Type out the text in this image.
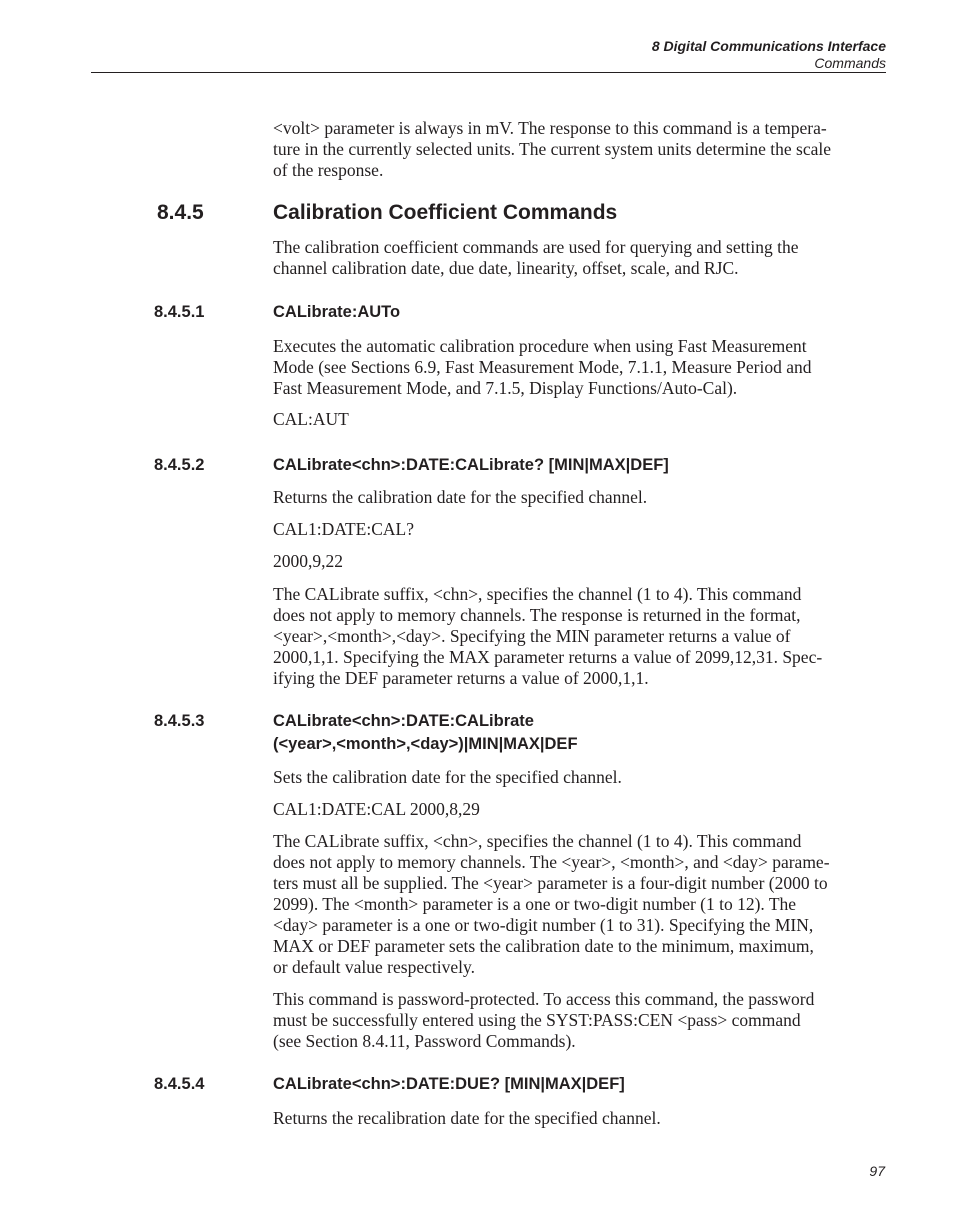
8 Digital Communications Interface
Commands

<volt> parameter is always in mV. The response to this command is a tempera-

ture in the currently selected units. The current system units determine the scale

of the response.

8.4.5	Calibration Coefficient Commands

The calibration coefficient commands are used for querying and setting the

channel calibration date, due date, linearity, offset, scale, and RJC.

8.4.5.1	CALibrate:AUTo

Executes the automatic calibration procedure when using Fast Measurement

Mode (see Sections 6.9, Fast Measurement Mode, 7.1.1, Measure Period and

Fast Measurement Mode, and 7.1.5, Display Functions/Auto-Cal).

CAL:AUT
8.4.5.2	CALibrate<chn>:DATE:CALibrate? [MIN|MAX|DEF]
Returns the calibration date for the specified channel.
CAL1:DATE:CAL?
2000,9,22

The CALibrate suffix, <chn>, specifies the channel (1 to 4). This command

does not apply to memory channels. The response is returned in the format,

<year>,<month>,<day>. Specifying the MIN parameter returns a value of

2000,1,1. Specifying the MAX parameter returns a value of 2099,12,31. Spec-

ifying the DEF parameter returns a value of 2000,1,1.

8.4.5.3	CALibrate<chn>:DATE:CALibrate
(<year>,<month>,<day>)|MIN|MAX|DEF
Sets the calibration date for the specified channel.
CAL1:DATE:CAL 2000,8,29

The CALibrate suffix, <chn>, specifies the channel (1 to 4). This command

does not apply to memory channels. The <year>, <month>, and <day> parame-

ters must all be supplied. The <year> parameter is a four-digit number (2000 to

2099). The <month> parameter is a one or two-digit number (1 to 12). The

<day> parameter is a one or two-digit number (1 to 31). Specifying the MIN,

MAX or DEF parameter sets the calibration date to the minimum, maximum,

or default value respectively.

This command is password-protected. To access this command, the password

must be successfully entered using the SYST:PASS:CEN <pass> command

(see Section 8.4.11, Password Commands).

8.4.5.4	CALibrate<chn>:DATE:DUE? [MIN|MAX|DEF]
Returns the recalibration date for the specified channel.
97
